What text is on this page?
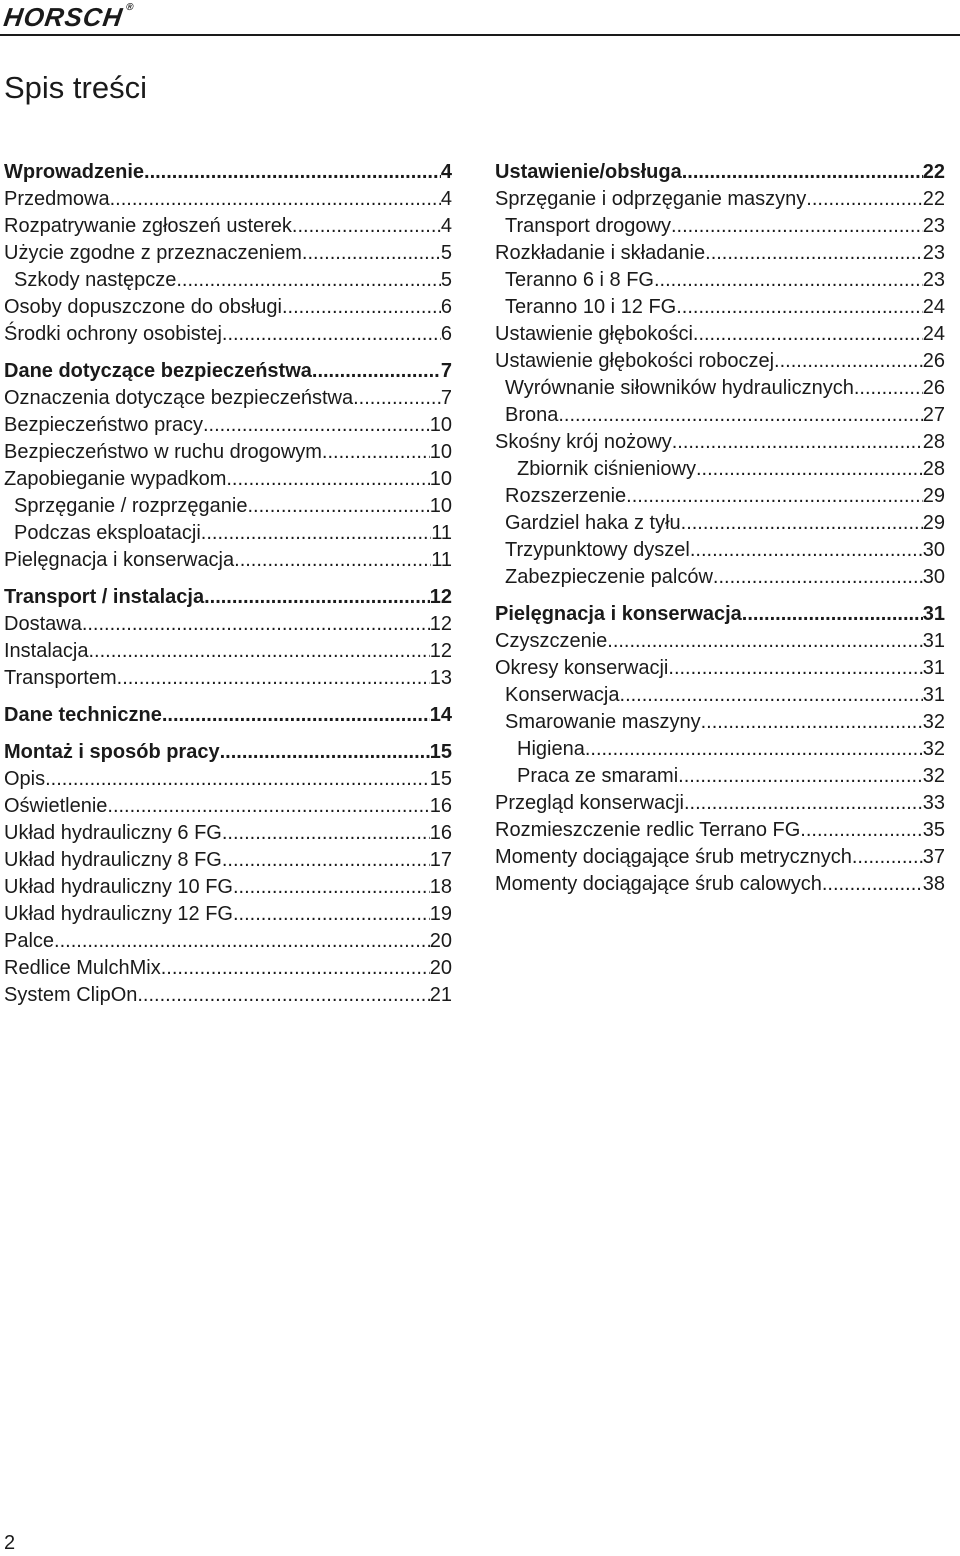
HORSCH®
Spis treści
Wprowadzenie .....	4
Przedmowa .....	4
Rozpatrywanie zgłoszeń usterek .....	4
Użycie zgodne z przeznaczeniem .....	5
Szkody następcze .....	5
Osoby dopuszczone do obsługi .....	6
Środki ochrony osobistej .....	6
Dane dotyczące bezpieczeństwa .....	7
Oznaczenia dotyczące bezpieczeństwa .....	7
Bezpieczeństwo pracy .....	10
Bezpieczeństwo w ruchu drogowym .....	10
Zapobieganie wypadkom .....	10
Sprzęganie / rozprzęganie .....	10
Podczas eksploatacji .....	11
Pielęgnacja i konserwacja .....	11
Transport / instalacja .....	12
Dostawa .....	12
Instalacja .....	12
Transportem .....	13
Dane techniczne .....	14
Montaż i sposób pracy .....	15
Opis .....	15
Oświetlenie .....	16
Układ hydrauliczny 6 FG .....	16
Układ hydrauliczny 8 FG .....	17
Układ hydrauliczny 10 FG .....	18
Układ hydrauliczny 12 FG .....	19
Palce .....	20
Redlice MulchMix .....	20
System ClipOn .....	21
Ustawienie/obsługa .....	22
Sprzęganie i odprzęganie maszyny .....	22
Transport drogowy .....	23
Rozkładanie i składanie .....	23
Teranno 6 i 8 FG .....	23
Teranno 10 i 12 FG .....	24
Ustawienie głębokości .....	24
Ustawienie głębokości roboczej .....	26
Wyrównanie siłowników hydraulicznych .....	26
Brona .....	27
Skośny krój nożowy .....	28
Zbiornik ciśnieniowy .....	28
Rozszerzenie .....	29
Gardziel haka z tyłu .....	29
Trzypunktowy dyszel .....	30
Zabezpieczenie palców .....	30
Pielęgnacja i konserwacja .....	31
Czyszczenie .....	31
Okresy konserwacji .....	31
Konserwacja .....	31
Smarowanie maszyny .....	32
Higiena .....	32
Praca ze smarami .....	32
Przegląd konserwacji .....	33
Rozmieszczenie redlic Terrano FG .....	35
Momenty dociągające śrub metrycznych .....	37
Momenty dociągające śrub calowych .....	38
2
